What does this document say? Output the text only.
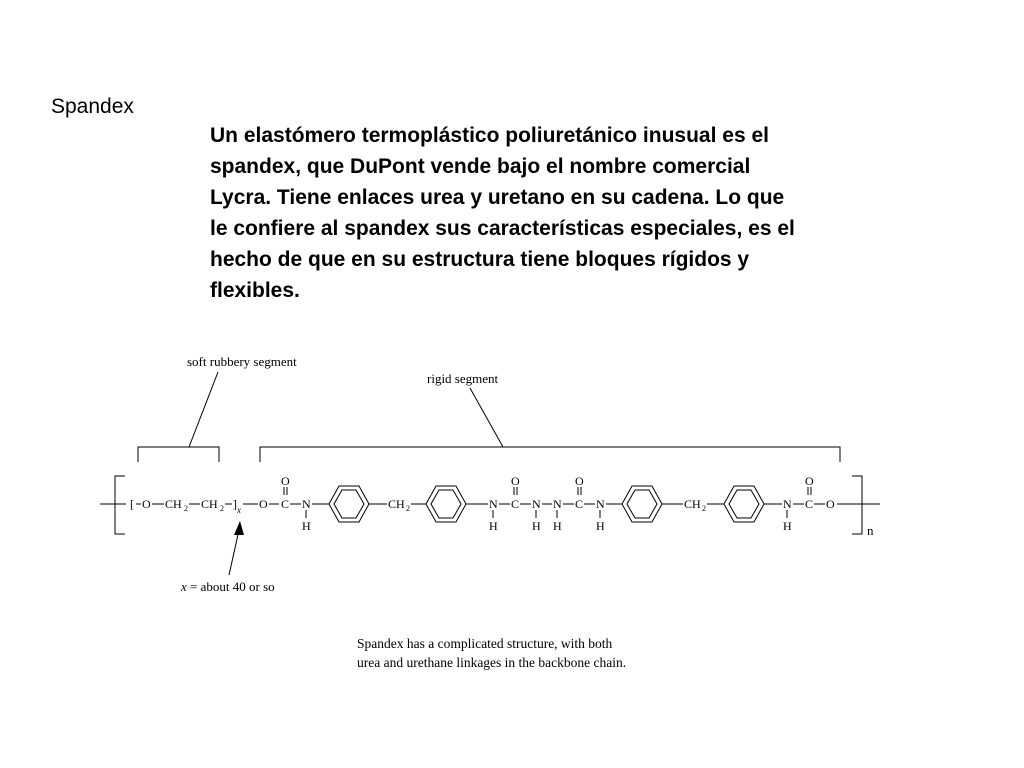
Spandex
Un elastómero termoplástico poliuretánico inusual es el
spandex, que DuPont vende bajo el nombre comercial
Lycra. Tiene enlaces urea y uretano en su cadena. Lo que
le confiere al spandex sus características especiales, es el
hecho de que en su estructura tiene bloques rígidos y
flexibles.
soft rubbery segment
rigid segment
n
[ O CH 2 CH 2 ] x O C
O
N
H
CH 2	N
H
C
O
N
H
N
H
C
O
N
H
CH 2	N
H
C
O
O
x = about 40 or so
Spandex has a complicated structure, with both
urea and urethane linkages in the backbone chain.
